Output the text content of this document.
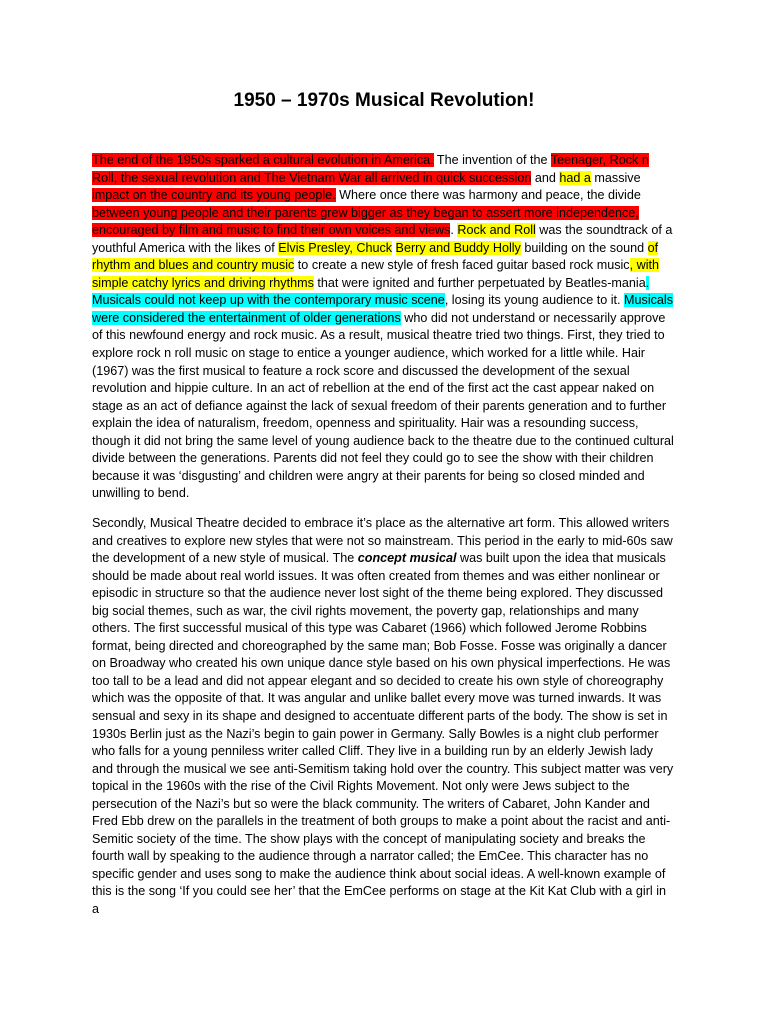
1950 – 1970s Musical Revolution!

The end of the 1950s sparked a cultural evolution in America. The invention of the Teenager, Rock n Roll, the sexual revolution and The Vietnam War all arrived in quick succession and had a massive impact on the country and its young people. Where once there was harmony and peace, the divide between young people and their parents grew bigger as they began to assert more independence, encouraged by film and music to find their own voices and views. Rock and Roll was the soundtrack of a youthful America with the likes of Elvis Presley, Chuck Berry and Buddy Holly building on the sound of rhythm and blues and country music to create a new style of fresh faced guitar based rock music, with simple catchy lyrics and driving rhythms that were ignited and further perpetuated by Beatles-mania. Musicals could not keep up with the contemporary music scene, losing its young audience to it. Musicals were considered the entertainment of older generations who did not understand or necessarily approve of this newfound energy and rock music. As a result, musical theatre tried two things. First, they tried to explore rock n roll music on stage to entice a younger audience, which worked for a little while. Hair (1967) was the first musical to feature a rock score and discussed the development of the sexual revolution and hippie culture. In an act of rebellion at the end of the first act the cast appear naked on stage as an act of defiance against the lack of sexual freedom of their parents generation and to further explain the idea of naturalism, freedom, openness and spirituality. Hair was a resounding success, though it did not bring the same level of young audience back to the theatre due to the continued cultural divide between the generations. Parents did not feel they could go to see the show with their children because it was ‘disgusting’ and children were angry at their parents for being so closed minded and unwilling to bend.

Secondly, Musical Theatre decided to embrace it’s place as the alternative art form. This allowed writers and creatives to explore new styles that were not so mainstream. This period in the early to mid-60s saw the development of a new style of musical. The concept musical was built upon the idea that musicals should be made about real world issues. It was often created from themes and was either nonlinear or episodic in structure so that the audience never lost sight of the theme being explored. They discussed big social themes, such as war, the civil rights movement, the poverty gap, relationships and many others. The first successful musical of this type was Cabaret (1966) which followed Jerome Robbins format, being directed and choreographed by the same man; Bob Fosse. Fosse was originally a dancer on Broadway who created his own unique dance style based on his own physical imperfections. He was too tall to be a lead and did not appear elegant and so decided to create his own style of choreography which was the opposite of that. It was angular and unlike ballet every move was turned inwards. It was sensual and sexy in its shape and designed to accentuate different parts of the body. The show is set in 1930s Berlin just as the Nazi’s begin to gain power in Germany. Sally Bowles is a night club performer who falls for a young penniless writer called Cliff. They live in a building run by an elderly Jewish lady and through the musical we see anti-Semitism taking hold over the country. This subject matter was very topical in the 1960s with the rise of the Civil Rights Movement. Not only were Jews subject to the persecution of the Nazi’s but so were the black community. The writers of Cabaret, John Kander and Fred Ebb drew on the parallels in the treatment of both groups to make a point about the racist and anti-Semitic society of the time. The show plays with the concept of manipulating society and breaks the fourth wall by speaking to the audience through a narrator called; the EmCee. This character has no specific gender and uses song to make the audience think about social ideas. A well-known example of this is the song ‘If you could see her’ that the EmCee performs on stage at the Kit Kat Club with a girl in a
